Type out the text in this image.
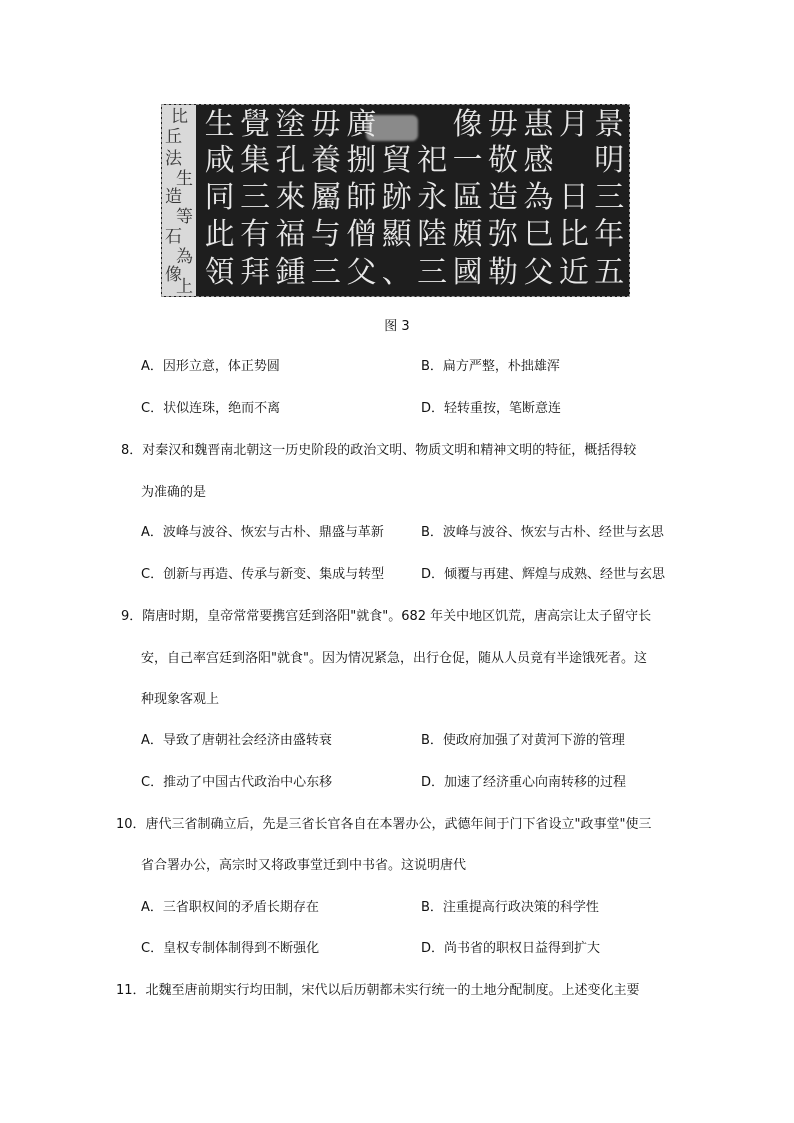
比
丘
法
生
造
等
石
為
像
上
景
月
惠
毋
像
廣
毋
塗
覺
生
明
感
敬
一
祀
貿
捌
養
孔
集
咸
三
日
為
造
區
永
跡
師
屬
來
三
同
年
比
巳
弥
頗
陸
顯
僧
与
福
有
此
五
近
父
勒
國
三
、
父
三
鍾
拜
領
图 3
A．因形立意，体正势圆	B．扁方严整，朴拙雄浑
C．状似连珠，绝而不离	D．轻转重按，笔断意连
8．对秦汉和魏晋南北朝这一历史阶段的政治文明、物质文明和精神文明的特征，概括得较
为准确的是
A．波峰与波谷、恢宏与古朴、鼎盛与革新	B．波峰与波谷、恢宏与古朴、经世与玄思
C．创新与再造、传承与新变、集成与转型	D．倾覆与再建、辉煌与成熟、经世与玄思
9．隋唐时期，皇帝常常要携宫廷到洛阳"就食"。682 年关中地区饥荒，唐高宗让太子留守长
安，自己率宫廷到洛阳"就食"。因为情况紧急，出行仓促，随从人员竟有半途饿死者。这
种现象客观上
A．导致了唐朝社会经济由盛转衰	B．使政府加强了对黄河下游的管理
C．推动了中国古代政治中心东移	D．加速了经济重心向南转移的过程
10．唐代三省制确立后，先是三省长官各自在本署办公，武德年间于门下省设立"政事堂"使三
省合署办公，高宗时又将政事堂迁到中书省。这说明唐代
A．三省职权间的矛盾长期存在	B．注重提高行政决策的科学性
C．皇权专制体制得到不断强化	D．尚书省的职权日益得到扩大
11．北魏至唐前期实行均田制，宋代以后历朝都未实行统一的土地分配制度。上述变化主要
